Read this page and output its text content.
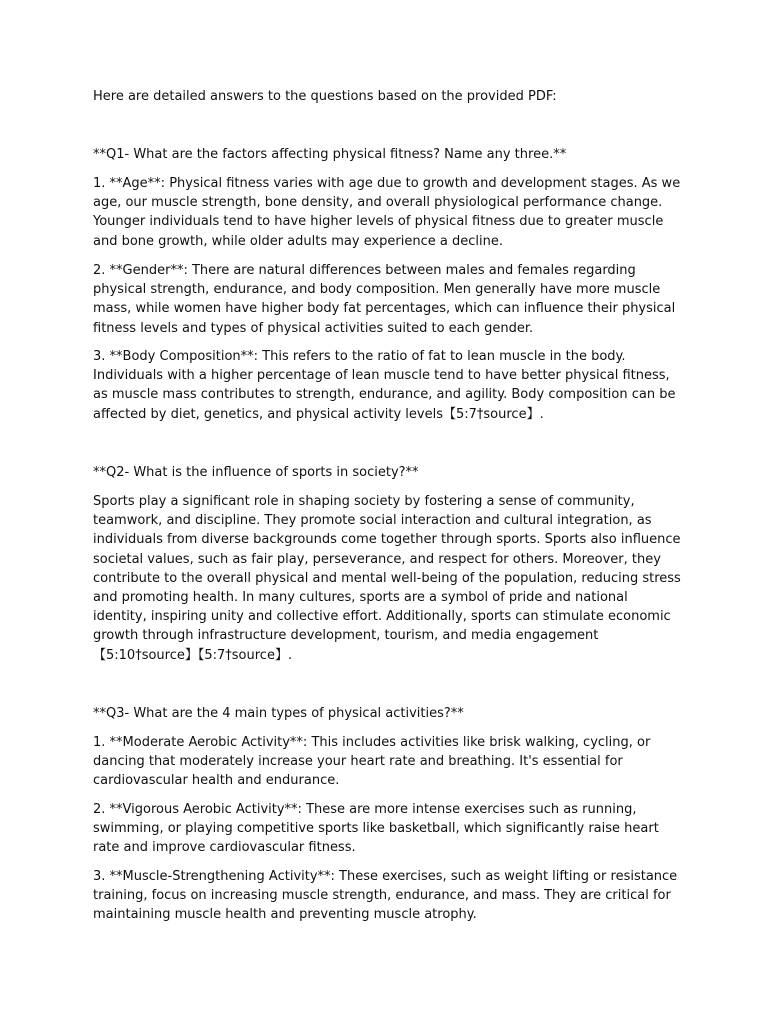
Here are detailed answers to the questions based on the provided PDF:

**Q1- What are the factors affecting physical fitness? Name any three.**

1. **Age**: Physical fitness varies with age due to growth and development stages. As we age, our muscle strength, bone density, and overall physiological performance change. Younger individuals tend to have higher levels of physical fitness due to greater muscle and bone growth, while older adults may experience a decline.

2. **Gender**: There are natural differences between males and females regarding physical strength, endurance, and body composition. Men generally have more muscle mass, while women have higher body fat percentages, which can influence their physical fitness levels and types of physical activities suited to each gender.

3. **Body Composition**: This refers to the ratio of fat to lean muscle in the body. Individuals with a higher percentage of lean muscle tend to have better physical fitness, as muscle mass contributes to strength, endurance, and agility. Body composition can be affected by diet, genetics, and physical activity levels【5:7†source】.

**Q2- What is the influence of sports in society?**

Sports play a significant role in shaping society by fostering a sense of community, teamwork, and discipline. They promote social interaction and cultural integration, as individuals from diverse backgrounds come together through sports. Sports also influence societal values, such as fair play, perseverance, and respect for others. Moreover, they contribute to the overall physical and mental well-being of the population, reducing stress and promoting health. In many cultures, sports are a symbol of pride and national identity, inspiring unity and collective effort. Additionally, sports can stimulate economic growth through infrastructure development, tourism, and media engagement【5:10†source】【5:7†source】.

**Q3- What are the 4 main types of physical activities?**

1. **Moderate Aerobic Activity**: This includes activities like brisk walking, cycling, or dancing that moderately increase your heart rate and breathing. It's essential for cardiovascular health and endurance.

2. **Vigorous Aerobic Activity**: These are more intense exercises such as running, swimming, or playing competitive sports like basketball, which significantly raise heart rate and improve cardiovascular fitness.

3. **Muscle-Strengthening Activity**: These exercises, such as weight lifting or resistance training, focus on increasing muscle strength, endurance, and mass. They are critical for maintaining muscle health and preventing muscle atrophy.
